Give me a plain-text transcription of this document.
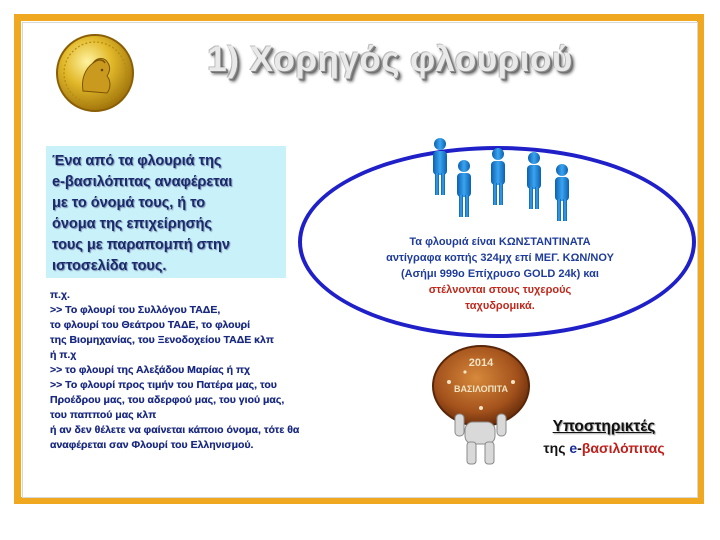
1) Χορηγός φλουριού
Ένα από τα φλουριά της
e-βασιλόπιτας αναφέρεται
με το όνομά τους, ή το
όνομα της επιχείρησής
τους με παραπομπή στην
ιστοσελίδα τους.
π.χ.
>> Το φλουρί του Συλλόγου ΤΑΔΕ,
το φλουρί του Θεάτρου ΤΑΔΕ, το φλουρί
της Βιομηχανίας, του Ξενοδοχείου ΤΑΔΕ κλπ
ή π.χ
>> το φλουρί της Αλεξάδου Μαρίας ή πχ
>> Το φλουρί προς τιμήν του Πατέρα μας, του
Προέδρου μας, του αδερφού μας, του γιού μας,
του παππού μας κλπ
ή αν δεν θέλετε να φαίνεται κάποιο όνομα, τότε θα
αναφέρεται σαν Φλουρί του Ελληνισμού.
Τα φλουριά είναι ΚΩΝΣΤΑΝΤΙΝΑΤΑ
αντίγραφα κοπής 324μχ επί ΜΕΓ. ΚΩΝ/ΝΟΥ
(Ασήμι 999ο Επίχρυσο GOLD 24k) και
στέλνονται στους τυχερούς
ταχυδρομικά.
2014
ΒΑΣΙΛΟΠΙΤΑ
Υποστηρικτές
της e-βασιλόπιτας
